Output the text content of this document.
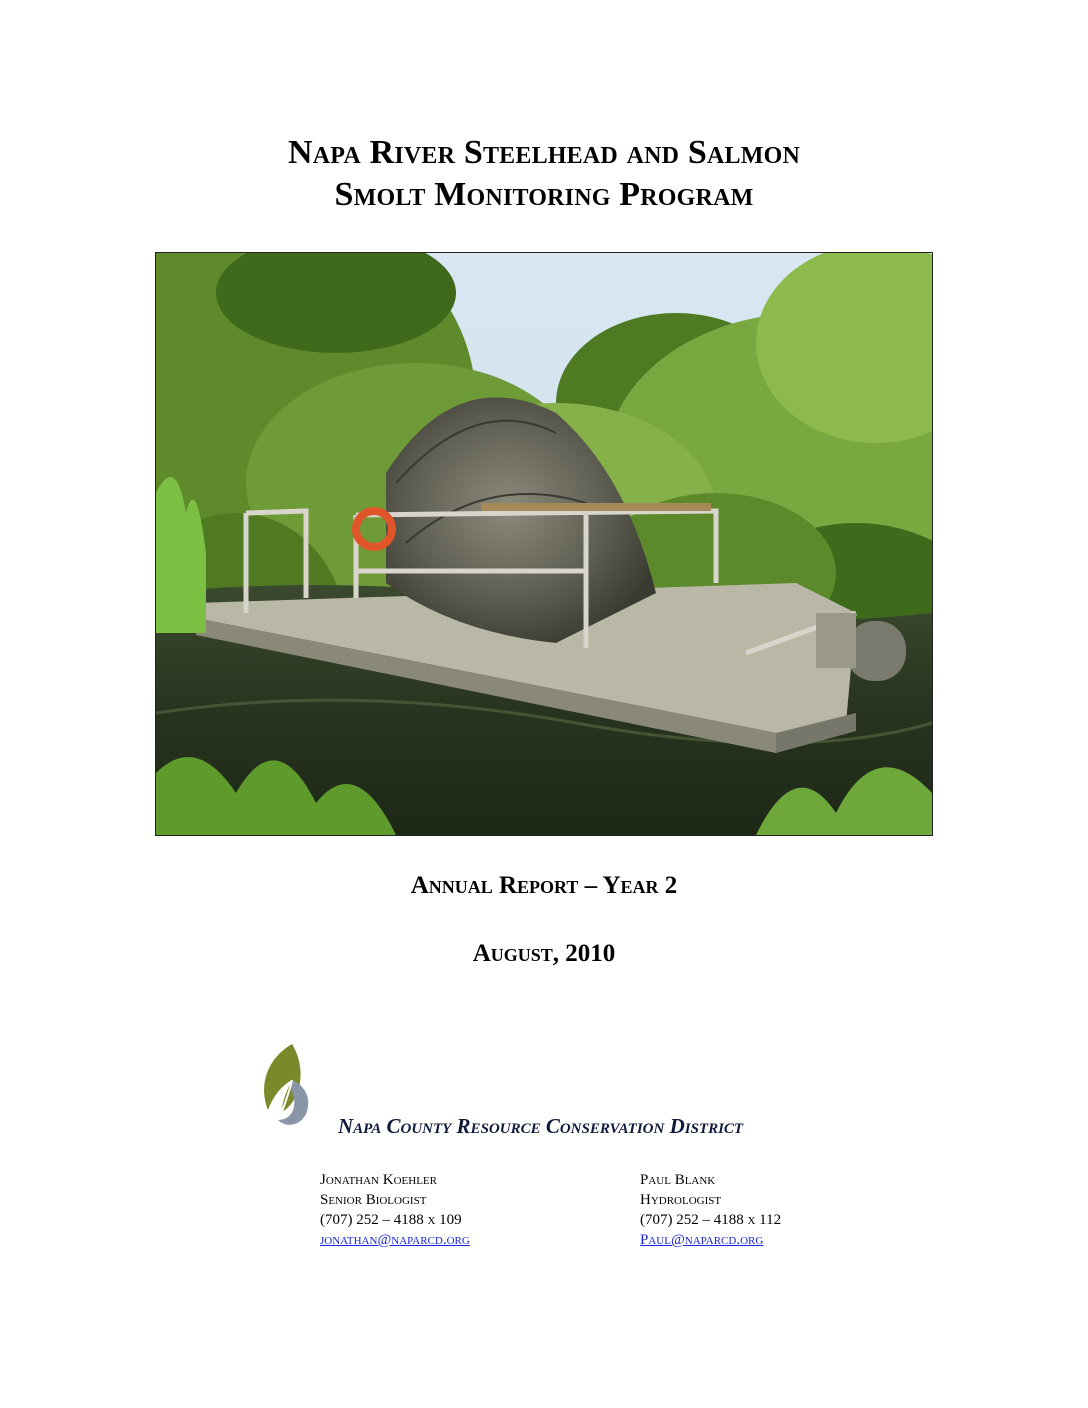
Napa River Steelhead and Salmon
Smolt Monitoring Program
Annual Report – Year 2
August, 2010
Napa County Resource Conservation District
Jonathan Koehler
Senior Biologist
(707) 252 – 4188 x 109
jonathan@naparcd.org
Paul Blank
Hydrologist
(707) 252 – 4188 x 112
Paul@naparcd.org
